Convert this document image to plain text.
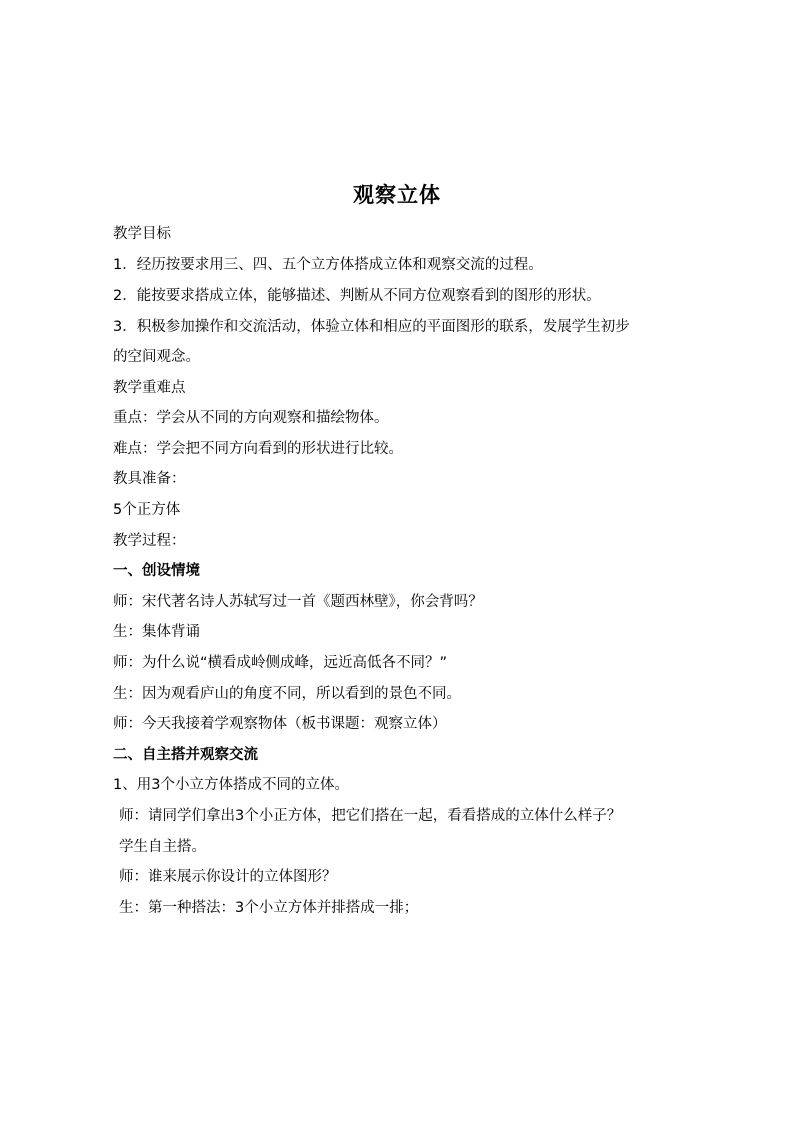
观察立体
教学目标
1．经历按要求用三、四、五个立方体搭成立体和观察交流的过程。
2．能按要求搭成立体，能够描述、判断从不同方位观察看到的图形的形状。
3．积极参加操作和交流活动，体验立体和相应的平面图形的联系，发展学生初步
的空间观念。
教学重难点
重点：学会从不同的方向观察和描绘物体。
难点：学会把不同方向看到的形状进行比较。
教具准备：
5个正方体
教学过程：
一、创设情境
师：宋代著名诗人苏轼写过一首《题西林壁》，你会背吗？
生：集体背诵
师：为什么说“横看成岭侧成峰，远近高低各不同？”
生：因为观看庐山的角度不同，所以看到的景色不同。
师：今天我接着学观察物体（板书课题：观察立体）
二、自主搭并观察交流
1、用3个小立方体搭成不同的立体。
师：请同学们拿出3个小正方体，把它们搭在一起，看看搭成的立体什么样子？
学生自主搭。
师：谁来展示你设计的立体图形？
生：第一种搭法：3个小立方体并排搭成一排；
